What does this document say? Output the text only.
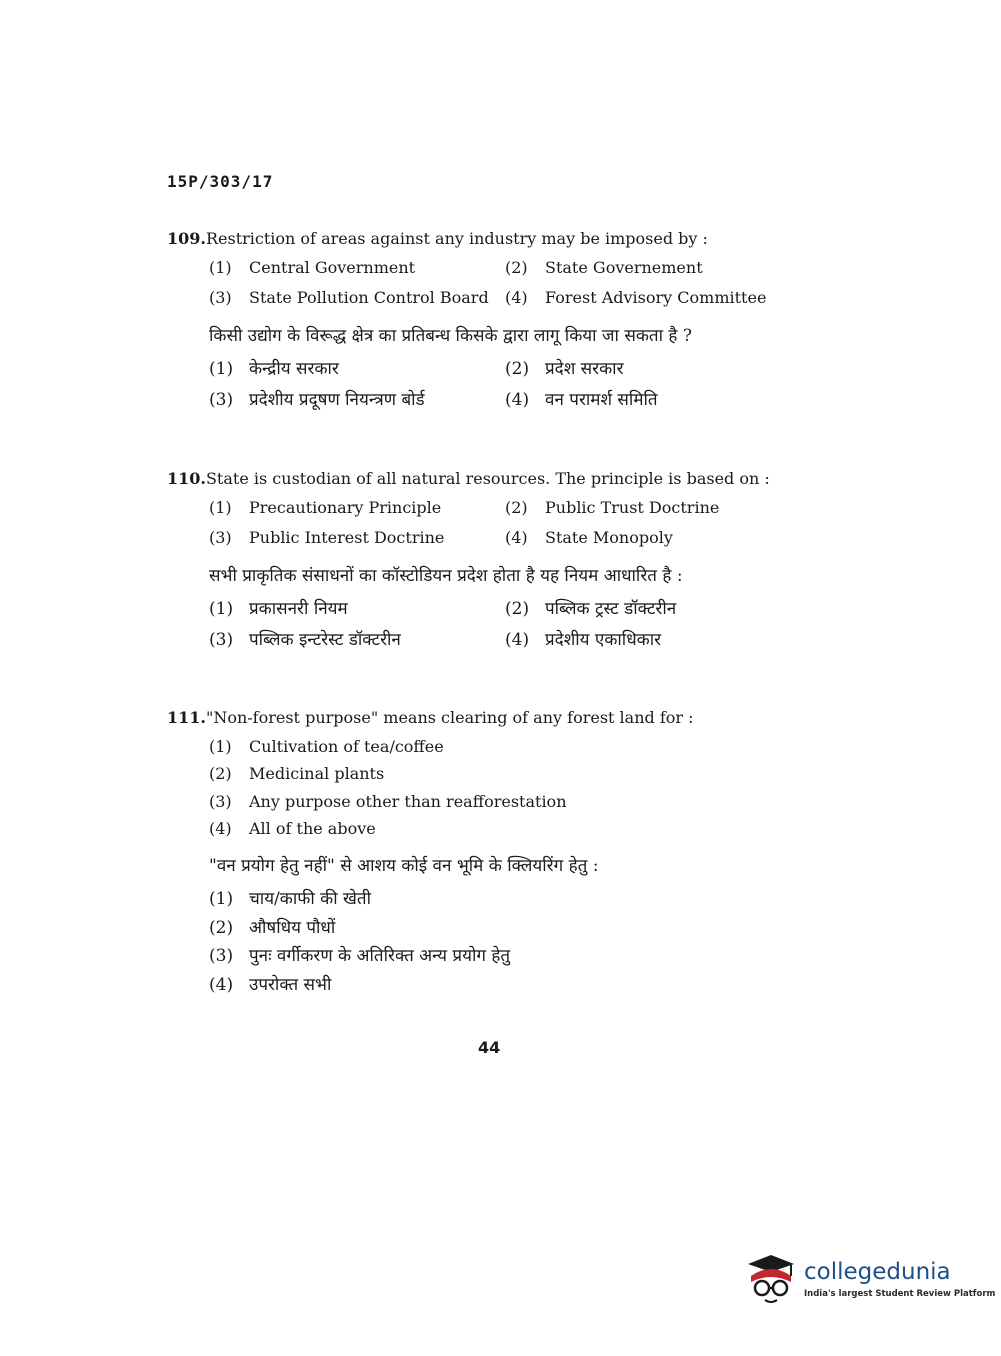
15P/303/17
109.Restriction of areas against any industry may be imposed by :
(1)	Central Government	(2)	State Governement
(3)	State Pollution Control Board (4)	Forest Advisory Committee
किसी उद्योग के विरूद्ध क्षेत्र का प्रतिबन्ध किसके द्वारा लागू किया जा सकता है ?
(1) केन्द्रीय सरकार	(2) प्रदेश सरकार
(3) प्रदेशीय प्रदूषण नियन्त्रण बोर्ड	(4) वन परामर्श समिति
110.State is custodian of all natural resources. The principle is based on :
(1)	Precautionary Principle	(2)	Public Trust Doctrine
(3)	Public Interest Doctrine	(4)	State Monopoly
सभी प्राकृतिक संसाधनों का कॉस्टोडियन प्रदेश होता है यह नियम आधारित है :
(1) प्रकासनरी नियम	(2) पब्लिक ट्रस्ट डॉक्टरीन
(3) पब्लिक इन्टरेस्ट डॉक्टरीन	(4) प्रदेशीय एकाधिकार
111."Non-forest purpose" means clearing of any forest land for :
(1)	Cultivation of tea/coffee
(2)	Medicinal plants
(3)	Any purpose other than reafforestation
(4)	All of the above
"वन प्रयोग हेतु नहीं" से आशय कोई वन भूमि के क्लियरिंग हेतु :
(1) चाय/काफी की खेती
(2) औषधिय पौधों
(3) पुनः वर्गीकरण के अतिरिक्त अन्य प्रयोग हेतु
(4) उपरोक्त सभी
44
collegedunia
India's largest Student Review Platform
